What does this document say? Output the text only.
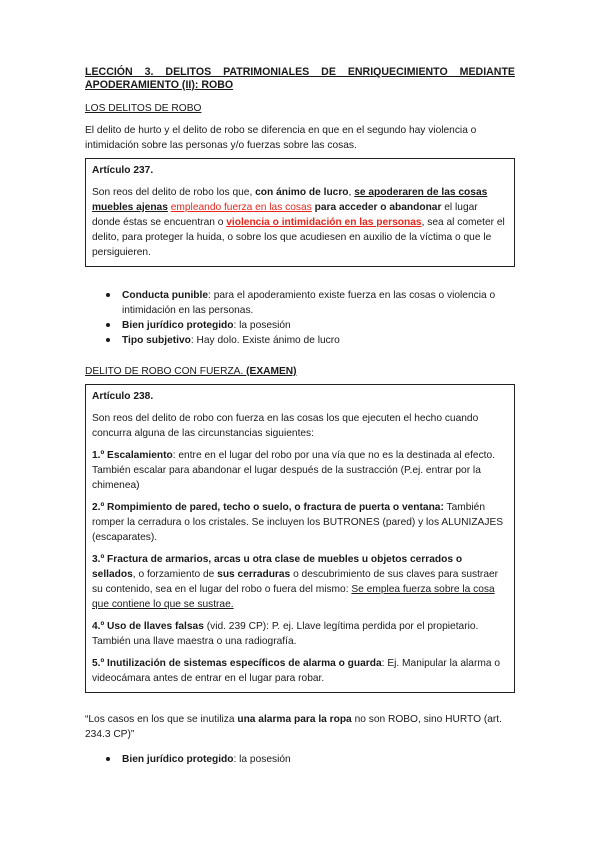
LECCIÓN 3. DELITOS PATRIMONIALES DE ENRIQUECIMIENTO MEDIANTE APODERAMIENTO (II): ROBO

LOS DELITOS DE ROBO

El delito de hurto y el delito de robo se diferencia en que en el segundo hay violencia o intimidación sobre las personas y/o fuerzas sobre las cosas.

Artículo 237.

Son reos del delito de robo los que, con ánimo de lucro, se apoderaren de las cosas muebles ajenas empleando fuerza en las cosas para acceder o abandonar el lugar donde éstas se encuentran o violencia o intimidación en las personas, sea al cometer el delito, para proteger la huida, o sobre los que acudiesen en auxilio de la víctima o que le persiguieren.

Conducta punible: para el apoderamiento existe fuerza en las cosas o violencia o intimidación en las personas.
Bien jurídico protegido: la posesión
Tipo subjetivo: Hay dolo. Existe ánimo de lucro

DELITO DE ROBO CON FUERZA. (EXAMEN)

Artículo 238.

Son reos del delito de robo con fuerza en las cosas los que ejecuten el hecho cuando concurra alguna de las circunstancias siguientes:

1.º Escalamiento: entre en el lugar del robo por una vía que no es la destinada al efecto. También escalar para abandonar el lugar después de la sustracción (P.ej. entrar por la chimenea)

2.º Rompimiento de pared, techo o suelo, o fractura de puerta o ventana: También romper la cerradura o los cristales. Se incluyen los BUTRONES (pared) y los ALUNIZAJES (escaparates).

3.º Fractura de armarios, arcas u otra clase de muebles u objetos cerrados o sellados, o forzamiento de sus cerraduras o descubrimiento de sus claves para sustraer su contenido, sea en el lugar del robo o fuera del mismo: Se emplea fuerza sobre la cosa que contiene lo que se sustrae.

4.º Uso de llaves falsas (vid. 239 CP): P. ej. Llave legítima perdida por el propietario. También una llave maestra o una radiografía.

5.º Inutilización de sistemas específicos de alarma o guarda: Ej. Manipular la alarma o videocámara antes de entrar en el lugar para robar.

“Los casos en los que se inutiliza una alarma para la ropa no son ROBO, sino HURTO (art. 234.3 CP)”

Bien jurídico protegido: la posesión
